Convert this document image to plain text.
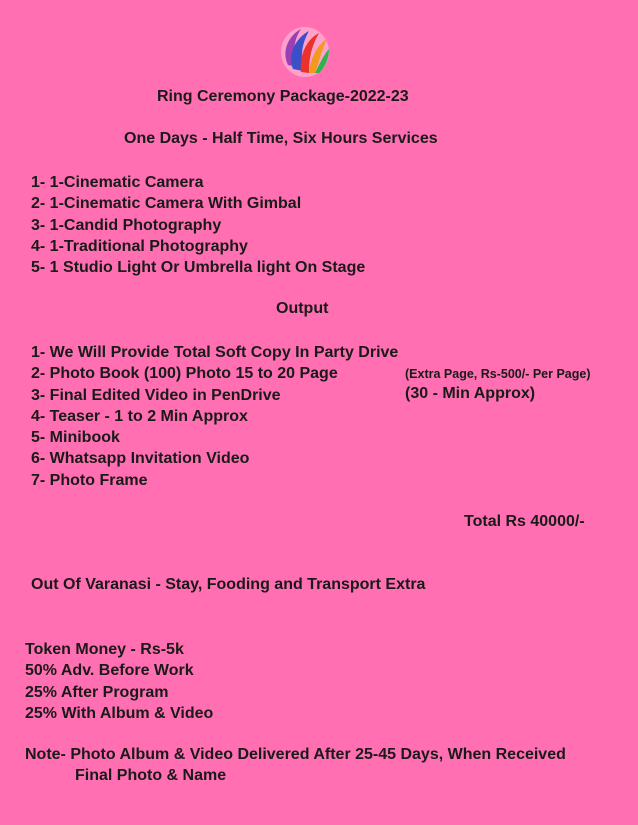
Ring Ceremony Package-2022-23
One Days - Half Time, Six Hours Services
1- 1-Cinematic Camera
2- 1-Cinematic Camera With Gimbal
3- 1-Candid Photography
4- 1-Traditional Photography
5- 1 Studio Light Or Umbrella light On Stage
Output
1- We Will Provide Total Soft Copy In Party Drive
2- Photo Book (100) Photo 15 to 20 Page
3- Final Edited Video in PenDrive
4- Teaser - 1 to 2 Min Approx
5- Minibook
6- Whatsapp Invitation Video
7- Photo Frame
(Extra Page, Rs-500/- Per Page)
(30 - Min Approx)
Total Rs 40000/-
Out Of Varanasi - Stay, Fooding and Transport Extra
Token Money - Rs-5k
50% Adv. Before Work
25% After Program
25% With Album & Video
Note- Photo Album & Video Delivered After 25-45 Days, When Received
Final Photo & Name
